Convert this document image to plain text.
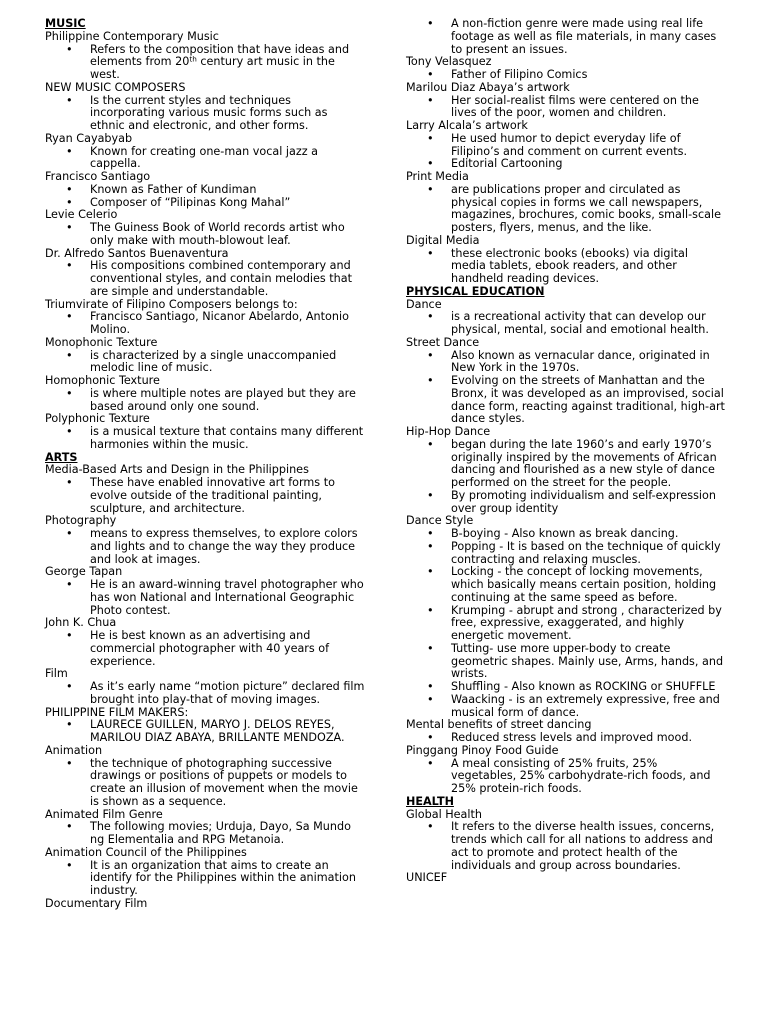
MUSIC
Philippine Contemporary Music
• Refers to the composition that have ideas and elements from 20th century art music in the west.
NEW MUSIC COMPOSERS
• Is the current styles and techniques incorporating various music forms such as ethnic and electronic, and other forms.
Ryan Cayabyab
• Known for creating one-man vocal jazz a cappella.
Francisco Santiago
• Known as Father of Kundiman
• Composer of “Pilipinas Kong Mahal”
Levie Celerio
• The Guiness Book of World records artist who only make with mouth-blowout leaf.
Dr. Alfredo Santos Buenaventura
• His compositions combined contemporary and conventional styles, and contain melodies that are simple and understandable.
Triumvirate of Filipino Composers belongs to:
• Francisco Santiago, Nicanor Abelardo, Antonio Molino.
Monophonic Texture
• is characterized by a single unaccompanied melodic line of music.
Homophonic Texture
• is where multiple notes are played but they are based around only one sound.
Polyphonic Texture
• is a musical texture that contains many different harmonies within the music.
ARTS
Media-Based Arts and Design in the Philippines
• These have enabled innovative art forms to evolve outside of the traditional painting, sculpture, and architecture.
Photography
• means to express themselves, to explore colors and lights and to change the way they produce and look at images.
George Tapan
• He is an award-winning travel photographer who has won National and International Geographic Photo contest.
John K. Chua
• He is best known as an advertising and commercial photographer with 40 years of experience.
Film
• As it’s early name “motion picture” declared film brought into play-that of moving images.
PHILIPPINE FILM MAKERS:
• LAURECE GUILLEN, MARYO J. DELOS REYES, MARILOU DIAZ ABAYA, BRILLANTE MENDOZA.
Animation
• the technique of photographing successive drawings or positions of puppets or models to create an illusion of movement when the movie is shown as a sequence.
Animated Film Genre
• The following movies; Urduja, Dayo, Sa Mundo ng Elementalia and RPG Metanoia.
Animation Council of the Philippines
• It is an organization that aims to create an identify for the Philippines within the animation industry.
Documentary Film
• A non-fiction genre were made using real life footage as well as file materials, in many cases to present an issues.
Tony Velasquez
• Father of Filipino Comics
Marilou Diaz Abaya’s artwork
• Her social-realist films were centered on the lives of the poor, women and children.
Larry Alcala’s artwork
• He used humor to depict everyday life of Filipino’s and comment on current events.
• Editorial Cartooning
Print Media
• are publications proper and circulated as physical copies in forms we call newspapers, magazines, brochures, comic books, small-scale posters, flyers, menus, and the like.
Digital Media
• these electronic books (ebooks) via digital media tablets, ebook readers, and other handheld reading devices.
PHYSICAL EDUCATION
Dance
• is a recreational activity that can develop our physical, mental, social and emotional health.
Street Dance
• Also known as vernacular dance, originated in New York in the 1970s.
• Evolving on the streets of Manhattan and the Bronx, it was developed as an improvised, social dance form, reacting against traditional, high-art dance styles.
Hip-Hop Dance
• began during the late 1960’s and early 1970’s originally inspired by the movements of African dancing and flourished as a new style of dance performed on the street for the people.
• By promoting individualism and self-expression over group identity
Dance Style
• B-boying - Also known as break dancing.
• Popping - It is based on the technique of quickly contracting and relaxing muscles.
• Locking - the concept of locking movements, which basically means certain position, holding continuing at the same speed as before.
• Krumping - abrupt and strong , characterized by free, expressive, exaggerated, and highly energetic movement.
• Tutting- use more upper-body to create geometric shapes. Mainly use, Arms, hands, and wrists.
• Shuffling - Also known as ROCKING or SHUFFLE
• Waacking - is an extremely expressive, free and musical form of dance.
Mental benefits of street dancing
• Reduced stress levels and improved mood.
Pinggang Pinoy Food Guide
• A meal consisting of 25% fruits, 25% vegetables, 25% carbohydrate-rich foods, and 25% protein-rich foods.
HEALTH
Global Health
• It refers to the diverse health issues, concerns, trends which call for all nations to address and act to promote and protect health of the individuals and group across boundaries.
UNICEF
